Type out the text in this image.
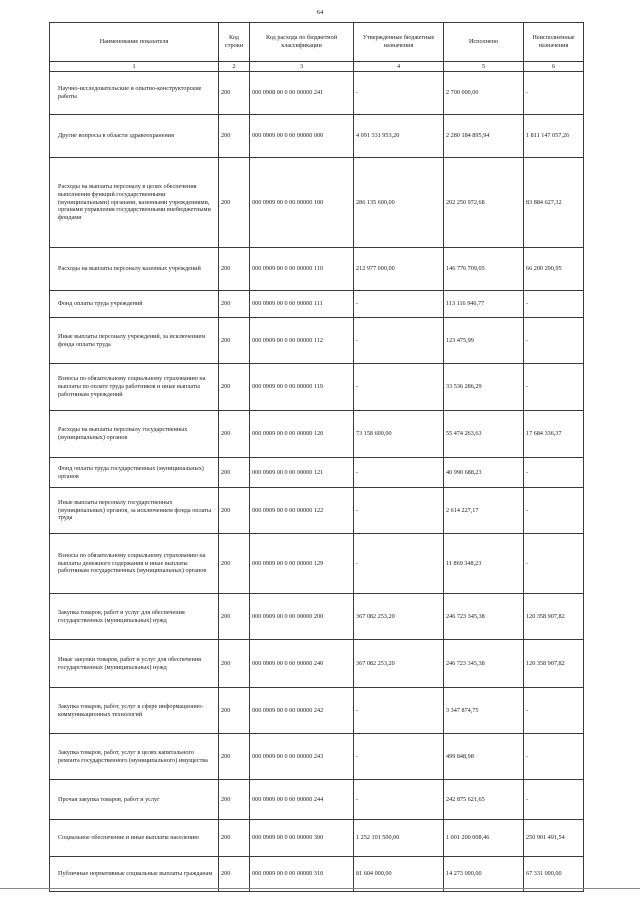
64
Наименование показателя	Код строки	Код расхода по бюджетной классификации	Утвержденные бюджетные назначения	Исполнено	Неисполненные назначения
1	2	3	4	5	6
Научно-исследовательские и опытно-конструкторские работы	200	000 0908 00 0 00 00000 241	-	2 700 000,00	-
Другие вопросы в области здравоохранения	200	000 0909 00 0 00 00000 000	4 091 331 953,20	2 280 184 895,94	1 811 147 057,26
Расходы на выплаты персоналу в целях обеспечения выполнения функций государственными (муниципальными) органами, казенными учреждениями, органами управления государственными внебюджетными фондами	200	000 0909 00 0 00 00000 100	286 135 600,00	202 250 972,68	83 884 627,32
Расходы на выплаты персоналу казенных учреждений	200	000 0909 00 0 00 00000 110	212 977 000,00	146 776 709,05	66 200 290,95
Фонд оплаты труда учреждений	200	000 0909 00 0 00 00000 111	-	113 116 946,77	-
Иные выплаты персоналу учреждений, за исключением фонда оплаты труда	200	000 0909 00 0 00 00000 112	-	123 475,99	-
Взносы по обязательному социальному страхованию на выплаты по оплате труда работников и иные выплаты работникам учреждений	200	000 0909 00 0 00 00000 119	-	33 536 286,29	-
Расходы на выплаты персоналу государственных (муниципальных) органов	200	000 0909 00 0 00 00000 120	73 158 600,00	55 474 263,63	17 684 336,37
Фонд оплаты труда государственных (муниципальных) органов	200	000 0909 00 0 00 00000 121	-	40 990 688,23	-
Иные выплаты персоналу государственных (муниципальных) органов, за исключением фонда оплаты труда	200	000 0909 00 0 00 00000 122	-	2 614 227,17	-
Взносы по обязательному социальному страхованию на выплаты денежного содержания и иные выплаты работникам государственных (муниципальных) органов	200	000 0909 00 0 00 00000 129	-	11 869 348,23	-
Закупка товаров, работ и услуг для обеспечения государственных (муниципальных) нужд	200	000 0909 00 0 00 00000 200	367 082 253,20	246 723 345,38	120 358 907,82
Иные закупки товаров, работ и услуг для обеспечения государственных (муниципальных) нужд	200	000 0909 00 0 00 00000 240	367 082 253,20	246 723 345,38	120 358 907,82
Закупка товаров, работ, услуг в сфере информационно-коммуникационных технологий	200	000 0909 00 0 00 00000 242	-	3 347 874,75	-
Закупка товаров, работ, услуг в целях капитального ремонта государственного (муниципального) имущества	200	000 0909 00 0 00 00000 243	-	499 848,98	-
Прочая закупка товаров, работ и услуг	200	000 0909 00 0 00 00000 244	-	242 875 621,65	-
Социальное обеспечение и иные выплаты населению	200	000 0909 00 0 00 00000 300	1 252 101 500,00	1 001 200 008,46	250 901 491,54
Публичные нормативные социальные выплаты гражданам	200	000 0909 00 0 00 00000 310	81 604 000,00	14 273 000,00	67 331 000,00
